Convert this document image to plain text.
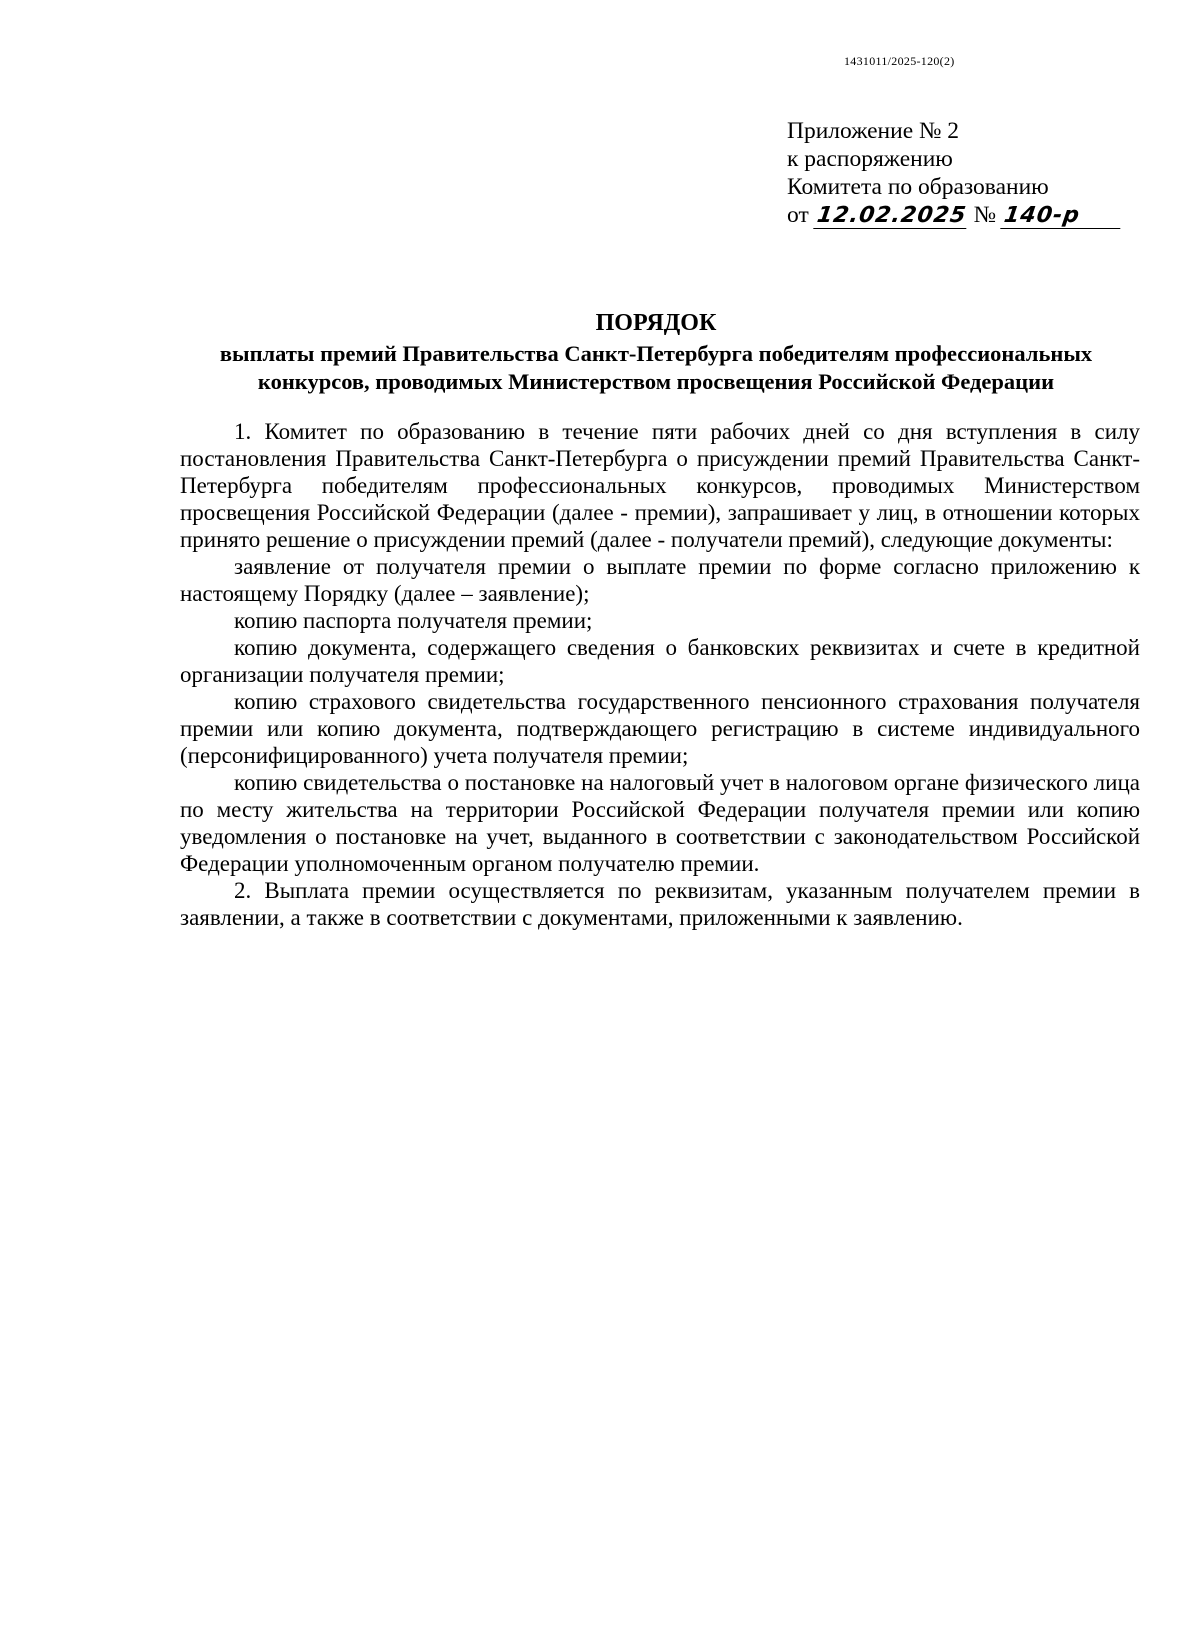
1431011/2025-120(2)
Приложение № 2
к распоряжению
Комитета по образованию
от 12.02.2025 № 140-р
ПОРЯДОК
выплаты премий Правительства Санкт-Петербурга победителям профессиональных
конкурсов, проводимых Министерством просвещения Российской Федерации

1. Комитет по образованию в течение пяти рабочих дней со дня вступления в силу постановления Правительства Санкт-Петербурга о присуждении премий Правительства Санкт-Петербурга победителям профессиональных конкурсов, проводимых Министерством просвещения Российской Федерации (далее - премии), запрашивает у лиц, в отношении которых принято решение о присуждении премий (далее - получатели премий), следующие документы:

заявление от получателя премии о выплате премии по форме согласно приложению к настоящему Порядку (далее – заявление);

копию паспорта получателя премии;

копию документа, содержащего сведения о банковских реквизитах и счете в кредитной организации получателя премии;

копию страхового свидетельства государственного пенсионного страхования получателя премии или копию документа, подтверждающего регистрацию в системе индивидуального (персонифицированного) учета получателя премии;

копию свидетельства о постановке на налоговый учет в налоговом органе физического лица по месту жительства на территории Российской Федерации получателя премии или копию уведомления о постановке на учет, выданного в соответствии с законодательством Российской Федерации уполномоченным органом получателю премии.

2. Выплата премии осуществляется по реквизитам, указанным получателем премии в заявлении, а также в соответствии с документами, приложенными к заявлению.
